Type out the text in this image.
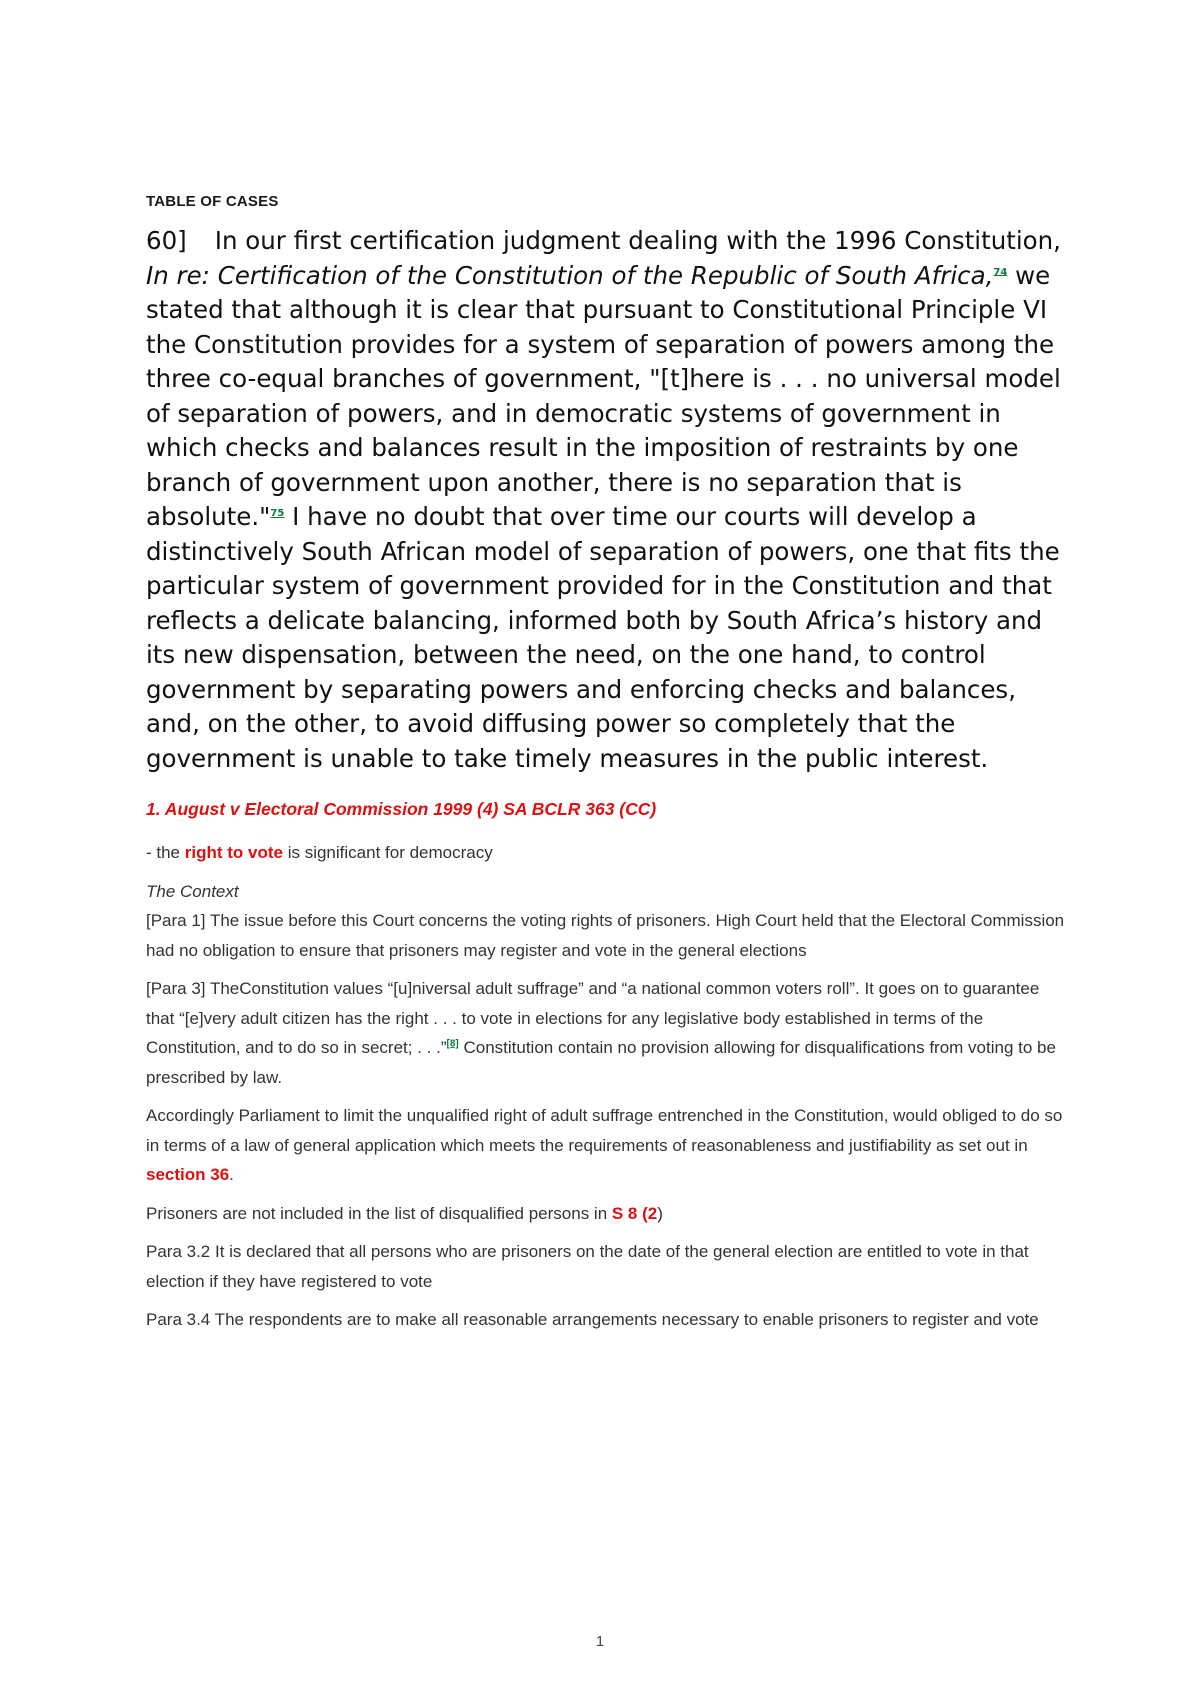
TABLE OF CASES

60] In our first certification judgment dealing with the 1996 Constitution, In re: Certification of the Constitution of the Republic of South Africa,$^{74}$ we stated that although it is clear that pursuant to Constitutional Principle VI the Constitution provides for a system of separation of powers among the three co-equal branches of government, "[t]here is . . . no universal model of separation of powers, and in democratic systems of government in which checks and balances result in the imposition of restraints by one branch of government upon another, there is no separation that is absolute."$^{75}$ I have no doubt that over time our courts will develop a distinctively South African model of separation of powers, one that fits the particular system of government provided for in the Constitution and that reflects a delicate balancing, informed both by South Africa’s history and its new dispensation, between the need, on the one hand, to control government by separating powers and enforcing checks and balances, and, on the other, to avoid diffusing power so completely that the government is unable to take timely measures in the public interest.

1. August v Electoral Commission 1999 (4) SA BCLR 363 (CC)

- the right to vote is significant for democracy

The Context

[Para 1] The issue before this Court concerns the voting rights of prisoners. High Court held that the Electoral Commission had no obligation to ensure that prisoners may register and vote in the general elections

[Para 3] TheConstitution values “[u]niversal adult suffrage” and “a national common voters roll”. It goes on to guarantee that “[e]very adult citizen has the right . . . to vote in elections for any legislative body established in terms of the Constitution, and to do so in secret; . . .”[8] Constitution contain no provision allowing for disqualifications from voting to be prescribed by law.

Accordingly Parliament to limit the unqualified right of adult suffrage entrenched in the Constitution, would obliged to do so in terms of a law of general application which meets the requirements of reasonableness and justifiability as set out in section 36.

Prisoners are not included in the list of disqualified persons in S 8 (2)

Para 3.2 It is declared that all persons who are prisoners on the date of the general election are entitled to vote in that election if they have registered to vote

Para 3.4 The respondents are to make all reasonable arrangements necessary to enable prisoners to register and vote

1
